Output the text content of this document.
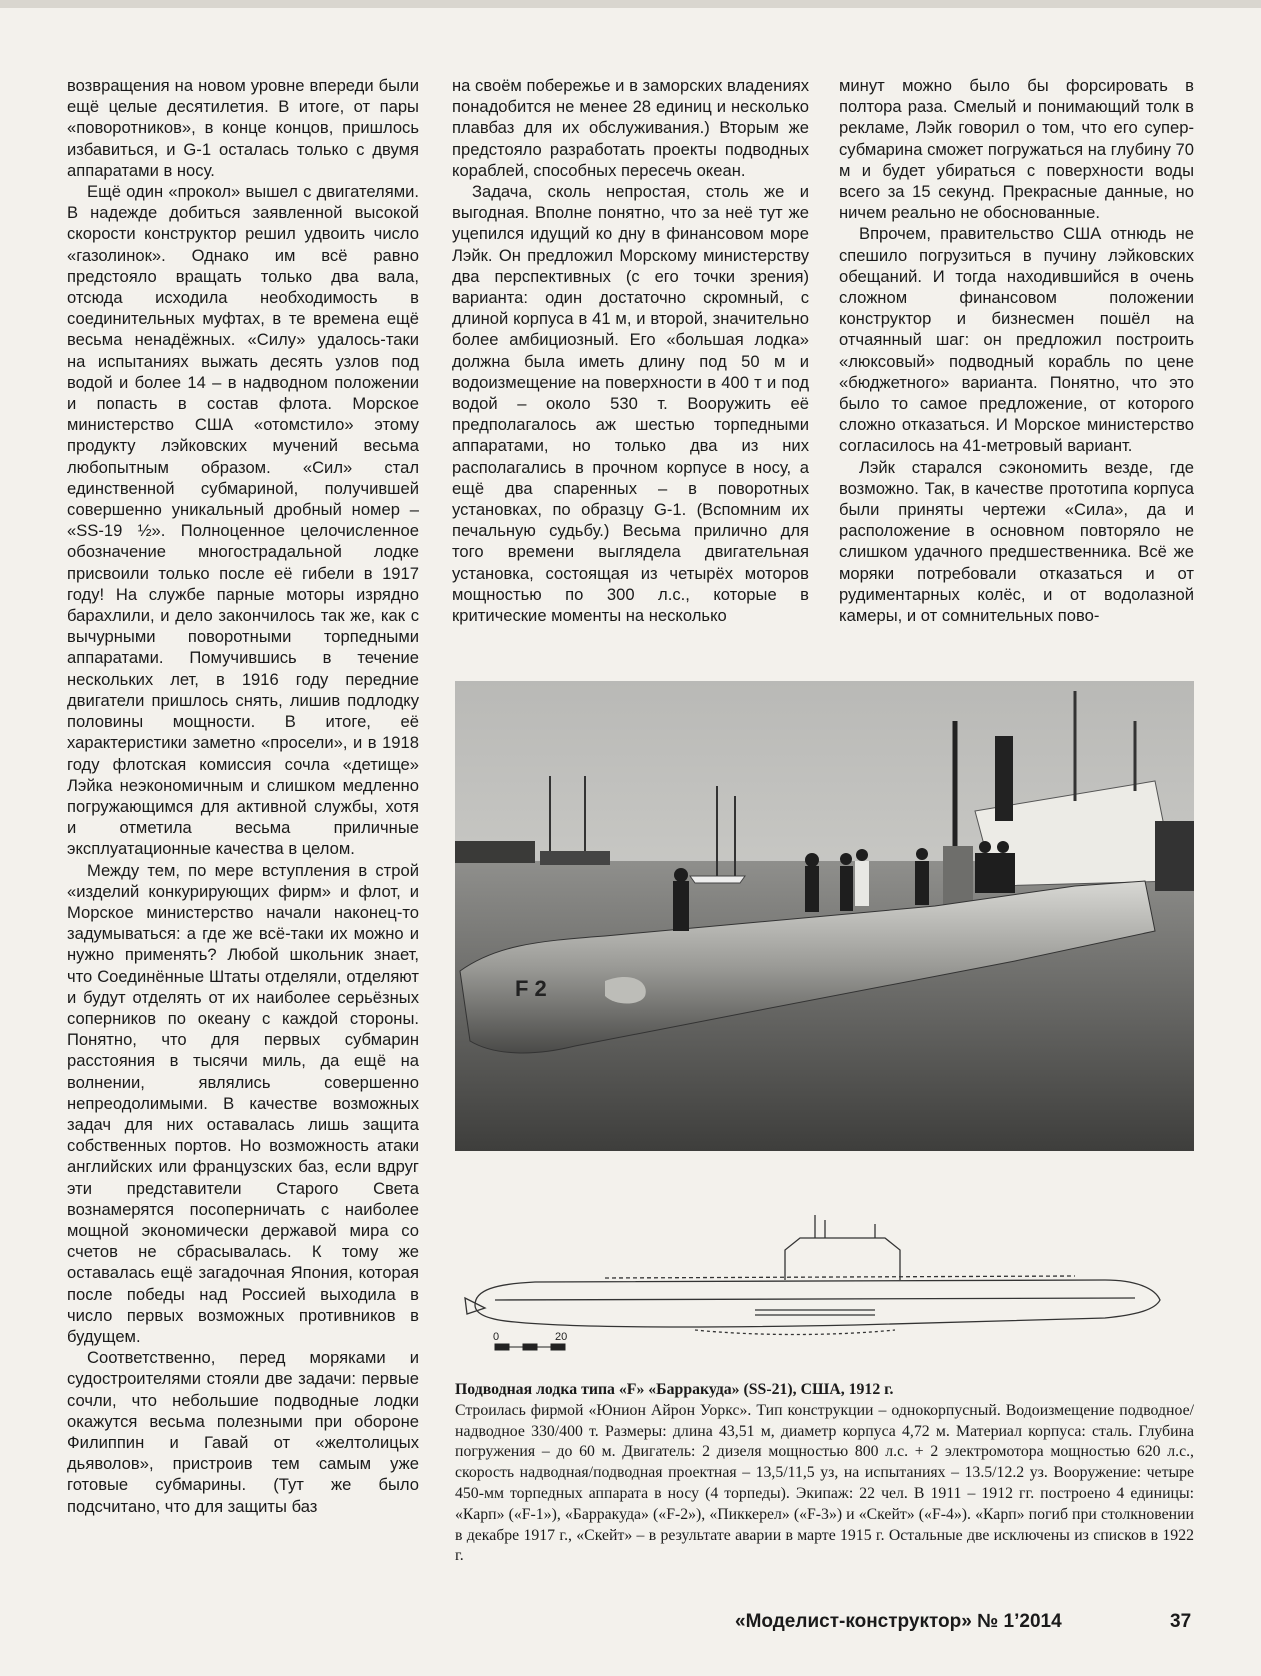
возвращения на новом уровне впереди были ещё целые десятилетия. В итоге, от пары «поворотников», в конце концов, пришлось избавиться, и G-1 осталась только с двумя аппаратами в носу.

Ещё один «прокол» вышел с двигателями. В надежде добиться заявленной высокой скорости конструктор решил удвоить число «газолинок». Однако им всё равно предстояло вращать только два вала, отсюда исходила необходимость в соединительных муфтах, в те времена ещё весьма ненадёжных. «Силу» удалось-таки на испытаниях выжать десять узлов под водой и более 14 – в надводном положении и попасть в состав флота. Морское министерство США «отомстило» этому продукту лэйковских мучений весьма любопытным образом. «Сил» стал единственной субмариной, получившей совершенно уникальный дробный номер – «SS-19 ½». Полноценное целочисленное обозначение многострадальной лодке присвоили только после её гибели в 1917 году! На службе парные моторы изрядно барахлили, и дело закончилось так же, как с вычурными поворотными торпедными аппаратами. Помучившись в течение нескольких лет, в 1916 году передние двигатели пришлось снять, лишив подлодку половины мощности. В итоге, её характеристики заметно «просели», и в 1918 году флотская комиссия сочла «детище» Лэйка неэкономичным и слишком медленно погружающимся для активной службы, хотя и отметила весьма приличные эксплуатационные качества в целом.

Между тем, по мере вступления в строй «изделий конкурирующих фирм» и флот, и Морское министерство начали наконец-то задумываться: а где же всё-таки их можно и нужно применять? Любой школьник знает, что Соединённые Штаты отделяли, отделяют и будут отделять от их наиболее серьёзных соперников по океану с каждой стороны. Понятно, что для первых субмарин расстояния в тысячи миль, да ещё на волнении, являлись совершенно непреодолимыми. В качестве возможных задач для них оставалась лишь защита собственных портов. Но возможность атаки английских или французских баз, если вдруг эти представители Старого Света вознамерятся посоперничать с наиболее мощной экономически державой мира со счетов не сбрасывалась. К тому же оставалась ещё загадочная Япония, которая после победы над Россией выходила в число первых возможных противников в будущем.

Соответственно, перед моряками и судостроителями стояли две задачи: первые сочли, что небольшие подводные лодки окажутся весьма полезными при обороне Филиппин и Гавай от «желтолицых дьяволов», пристроив тем самым уже готовые субмарины. (Тут же было подсчитано, что для защиты баз

на своём побережье и в заморских владениях понадобится не менее 28 единиц и несколько плавбаз для их обслуживания.) Вторым же предстояло разработать проекты подводных кораблей, способных пересечь океан.

Задача, сколь непростая, столь же и выгодная. Вполне понятно, что за неё тут же уцепился идущий ко дну в финансовом море Лэйк. Он предложил Морскому министерству два перспективных (с его точки зрения) варианта: один достаточно скромный, с длиной корпуса в 41 м, и второй, значительно более амбициозный. Его «большая лодка» должна была иметь длину под 50 м и водоизмещение на поверхности в 400 т и под водой – около 530 т. Вооружить её предполагалось аж шестью торпедными аппаратами, но только два из них располагались в прочном корпусе в носу, а ещё два спаренных – в поворотных установках, по образцу G-1. (Вспомним их печальную судьбу.) Весьма прилично для того времени выглядела двигательная установка, состоящая из четырёх моторов мощностью по 300 л.с., которые в критические моменты на несколько

минут можно было бы форсировать в полтора раза. Смелый и понимающий толк в рекламе, Лэйк говорил о том, что его супер-субмарина сможет погружаться на глубину 70 м и будет убираться с поверхности воды всего за 15 секунд. Прекрасные данные, но ничем реально не обоснованные.

Впрочем, правительство США отнюдь не спешило погрузиться в пучину лэйковских обещаний. И тогда находившийся в очень сложном финансовом положении конструктор и бизнесмен пошёл на отчаянный шаг: он предложил построить «люксовый» подводный корабль по цене «бюджетного» варианта. Понятно, что это было то самое предложение, от которого сложно отказаться. И Морское министерство согласилось на 41-метровый вариант.

Лэйк старался сэкономить везде, где возможно. Так, в качестве прототипа корпуса были приняты чертежи «Сила», да и расположение в основном повторяло не слишком удачного предшественника. Всё же моряки потребовали отказаться и от рудиментарных колёс, и от водолазной камеры, и от сомнительных пово-

F 2
0	20
Подводная лодка типа «F» «Барракуда» (SS-21), США, 1912 г.
Строилась фирмой «Юнион Айрон Уоркс». Тип конструкции – однокорпусный. Водоизмещение подводное/надводное 330/400 т. Размеры: длина 43,51 м, диаметр корпуса 4,72 м. Материал корпуса: сталь. Глубина погружения – до 60 м. Двигатель: 2 дизеля мощностью 800 л.с. + 2 электромотора мощностью 620 л.с., скорость надводная/подводная проектная – 13,5/11,5 уз, на испытаниях – 13.5/12.2 уз. Вооружение: четыре 450-мм торпедных аппарата в носу (4 торпеды). Экипаж: 22 чел. В 1911 – 1912 гг. построено 4 единицы: «Карп» («F-1»), «Барракуда» («F-2»), «Пиккерел» («F-3») и «Скейт» («F-4»). «Карп» погиб при столкновении в декабре 1917 г., «Скейт» – в результате аварии в марте 1915 г. Остальные две исключены из списков в 1922 г.
«Моделист-конструктор» № 1’2014	37
